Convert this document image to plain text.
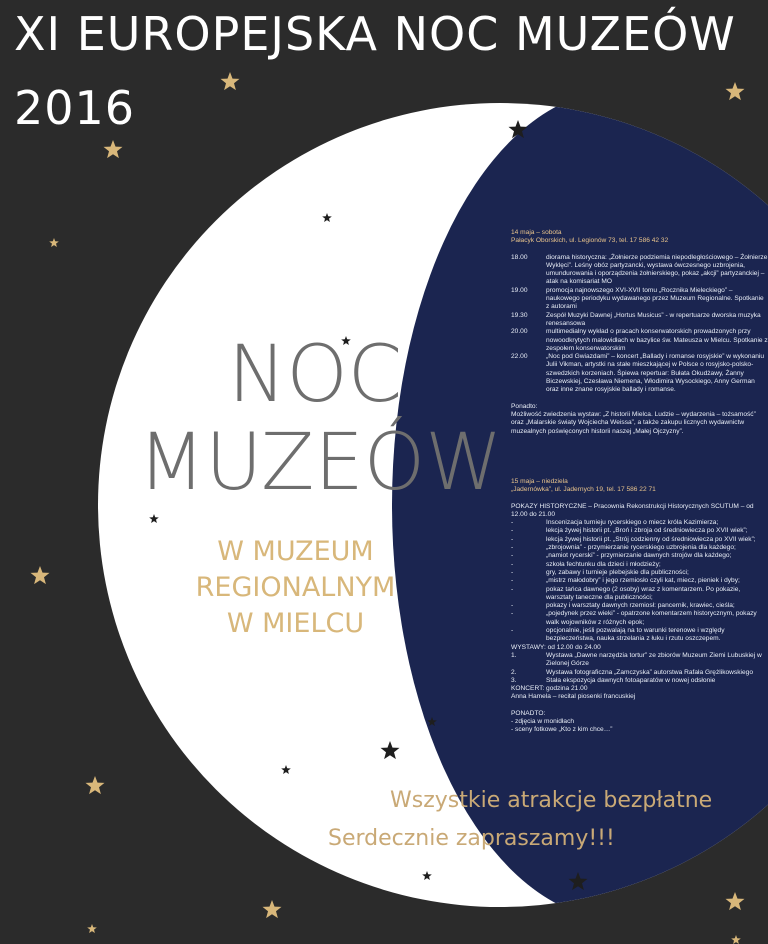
XI EUROPEJSKA NOC MUZEÓW
2016
NOC
MUZEÓW
W MUZEUM
REGIONALNYM
W MIELCU
14 maja – sobota
Pałacyk Oborskich, ul. Legionów 73, tel. 17 586 42 32
18.00	diorama historyczna: „Żołnierze podziemia niepodległościowego – Żołnierze Wyklęci”. Leśny obóz partyzancki, wystawa ówczesnego uzbrojenia, umundurowania i oporządzenia żołnierskiego, pokaz „akcji” partyzanckiej – atak na komisariat MO
19.00	promocja najnowszego XVI-XVII tomu „Rocznika Mieleckiego” – naukowego periodyku wydawanego przez Muzeum Regionalne. Spotkanie z autorami
19.30	Zespół Muzyki Dawnej „Hortus Musicus” - w repertuarze dworska muzyka renesansowa
20.00	multimedialny wykład o pracach konserwatorskich prowadzonych przy nowoodkrytych malowidłach w bazylice św. Mateusza w Mielcu. Spotkanie z zespołem konserwatorskim
22.00	„Noc pod Gwiazdami” – koncert „Ballady i romanse rosyjskie” w wykonaniu Julii Vikman, artystki na stałe mieszkającej w Polsce o rosyjsko-polsko-szwedzkich korzeniach. Śpiewa repertuar: Bułata Okudżawy, Żanny Biczewskiej, Czesława Niemena, Włodimira Wysockiego, Anny German oraz inne znane rosyjskie ballady i romanse.
Ponadto:
Możliwość zwiedzenia wystaw: „Z historii Mielca. Ludzie – wydarzenia – tożsamość” oraz „Malarskie światy Wojciecha Weissa”, a także zakupu licznych wydawnictw muzealnych poświęconych historii naszej „Małej Ojczyzny”.
15 maja – niedziela
„Jadernówka”, ul. Jadernych 19, tel. 17 586 22 71
POKAZY HISTORYCZNE – Pracownia Rekonstrukcji Historycznych SCUTUM – od 12.00 do 21.00
-	Inscenizacja turnieju rycerskiego o miecz króla Kazimierza;
-	lekcja żywej historii pt. „Broń i zbroja od średniowiecza po XVII wiek”;
-	lekcja żywej historii pt. „Strój codzienny od średniowiecza po XVII wiek”;
-	„zbrojownia” - przymierzanie rycerskiego uzbrojenia dla każdego;
-	„namiot rycerski” - przymierzanie dawnych strojów dla każdego;
-	szkoła fechtunku dla dzieci i młodzieży;
-	gry, zabawy i turnieje plebejskie dla publiczności;
-	„mistrz małodobry” i jego rzemiosło czyli kat, miecz, pieniek i dyby;
-	pokaz tańca dawnego (2 osoby) wraz z komentarzem. Po pokazie, warsztaty taneczne dla publiczności;
-	pokazy i warsztaty dawnych rzemiosł: pancernik, krawiec, cieśla;
-	„pojedynek przez wieki” - opatrzone komentarzem historycznym, pokazy walk wojowników z różnych epok;
-	opcjonalnie, jeśli pozwalają na to warunki terenowe i względy bezpieczeństwa, nauka strzelania z łuku i rzutu oszczepem.
WYSTAWY: od 12.00 do 24.00
1.	Wystawa „Dawne narzędzia tortur” ze zbiorów Muzeum Ziemi Lubuskiej w Zielonej Górze
2.	Wystawa fotograficzna „Zamczyska” autorstwa Rafała Grężlikowskiego
3.	Stała ekspozycja dawnych fotoaparatów w nowej odsłonie
KONCERT: godzina 21.00
Anna Hamela – recital piosenki francuskiej
PONADTO:
- zdjęcia w monidłach
- sceny fotkowe „Kto z kim chce…”
Wszystkie atrakcje bezpłatne
Serdecznie zapraszamy!!!
